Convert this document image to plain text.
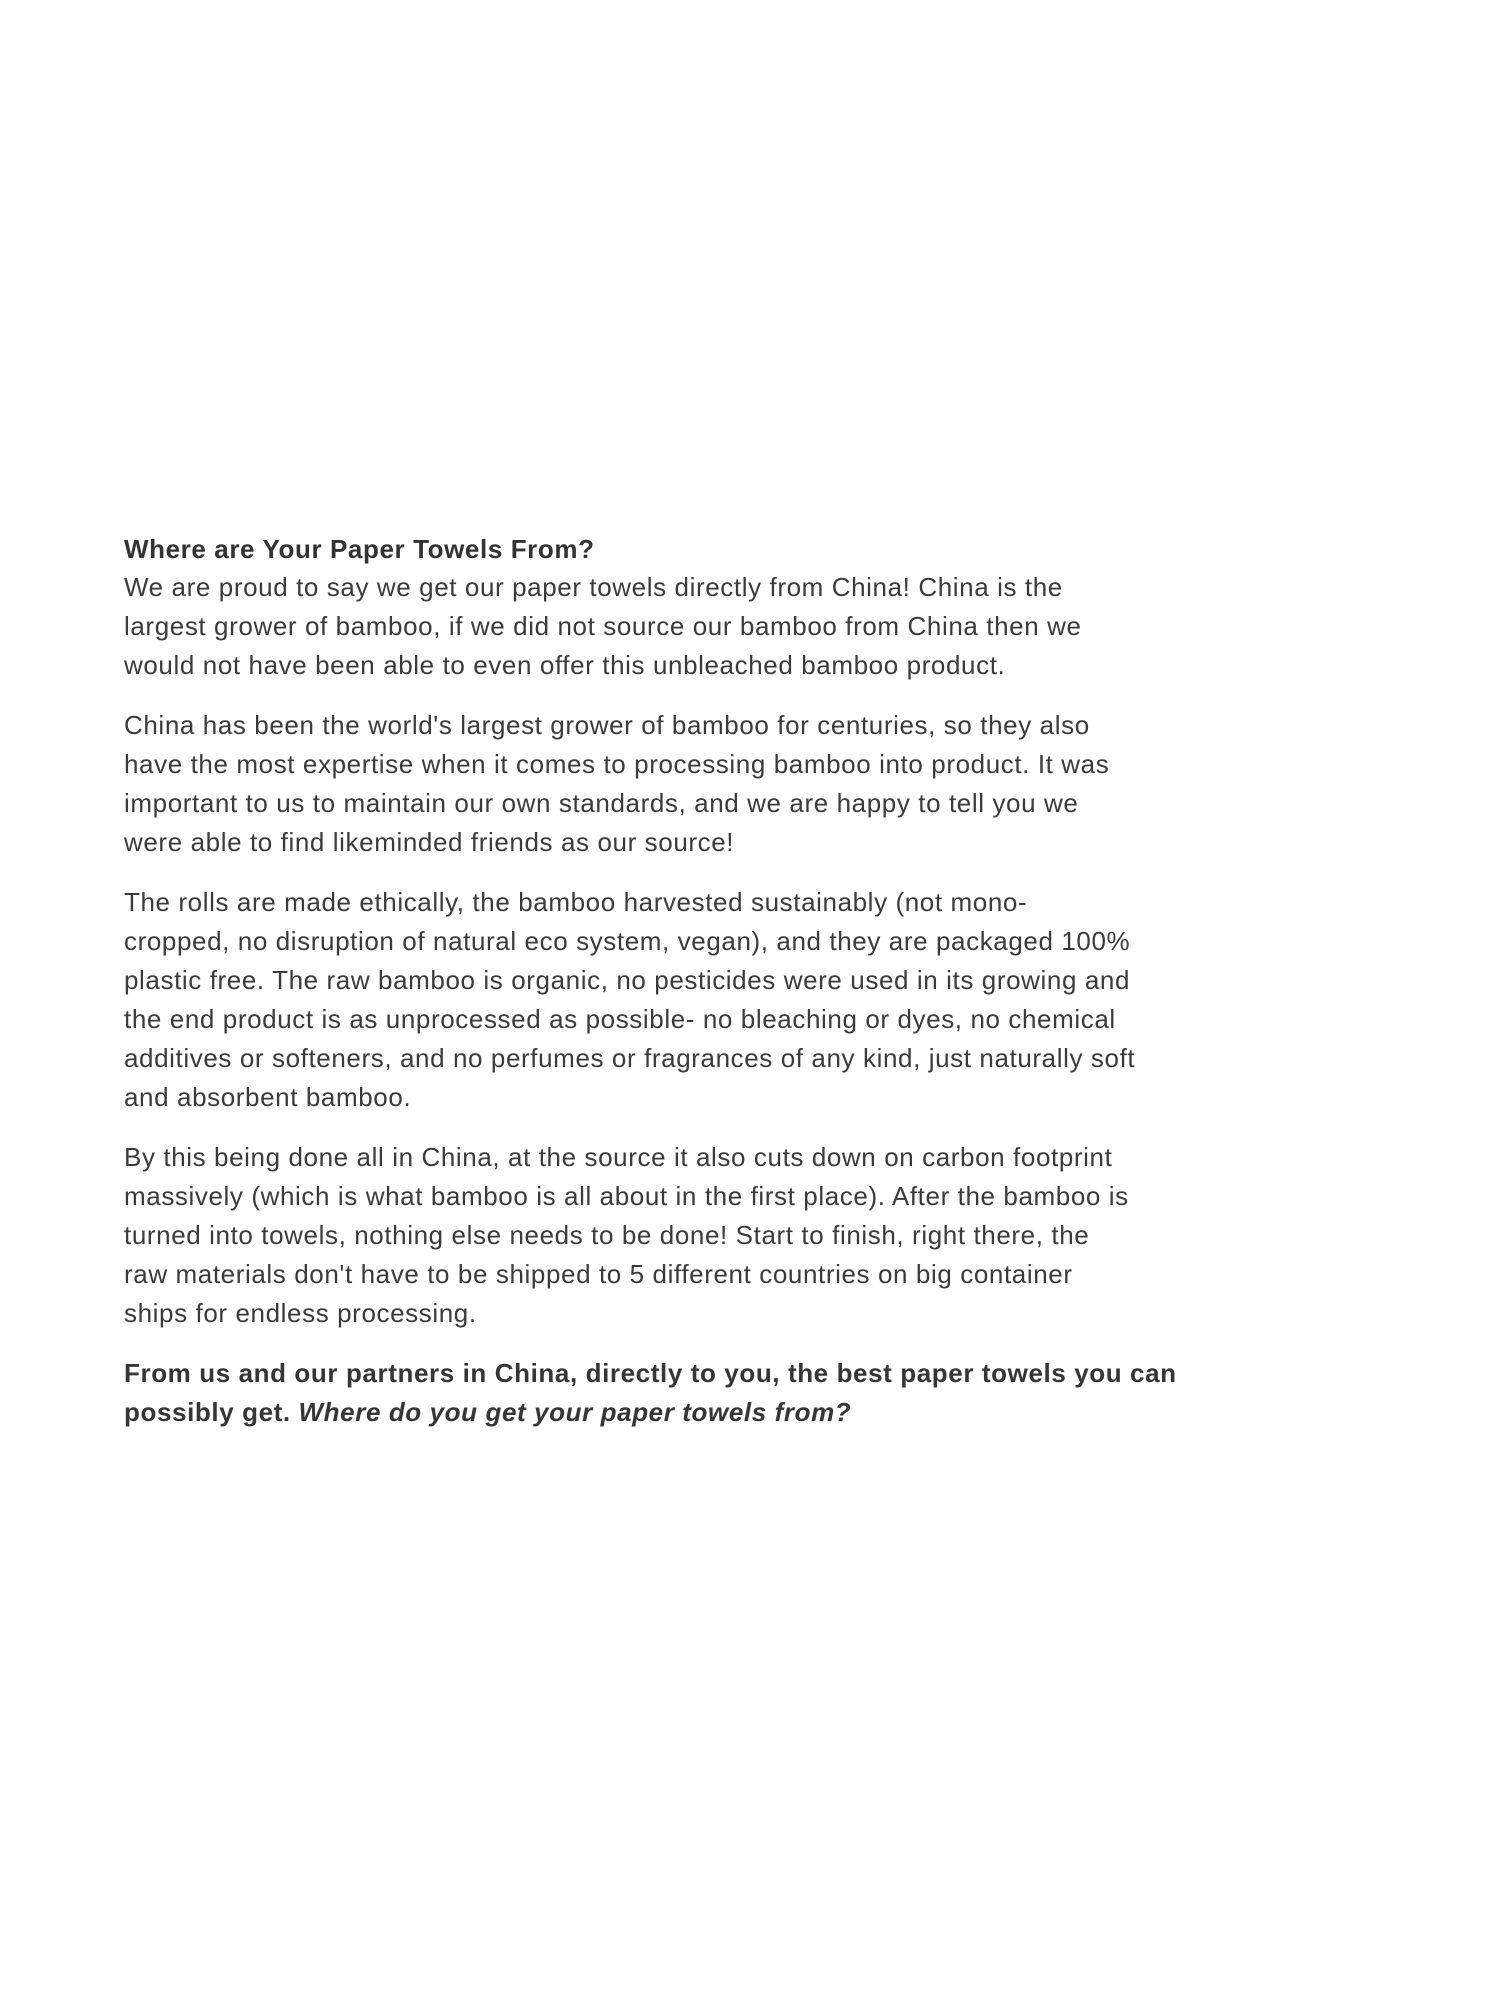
Where are Your Paper Towels From?

We are proud to say we get our paper towels directly from China! China is the
largest grower of bamboo, if we did not source our bamboo from China then we
would not have been able to even offer this unbleached bamboo product.

China has been the world's largest grower of bamboo for centuries, so they also
have the most expertise when it comes to processing bamboo into product. It was
important to us to maintain our own standards, and we are happy to tell you we
were able to find likeminded friends as our source!

The rolls are made ethically, the bamboo harvested sustainably (not mono-
cropped, no disruption of natural eco system, vegan), and they are packaged 100%
plastic free. The raw bamboo is organic, no pesticides were used in its growing and
the end product is as unprocessed as possible- no bleaching or dyes, no chemical
additives or softeners, and no perfumes or fragrances of any kind, just naturally soft
and absorbent bamboo.

By this being done all in China, at the source it also cuts down on carbon footprint
massively (which is what bamboo is all about in the first place). After the bamboo is
turned into towels, nothing else needs to be done! Start to finish, right there, the
raw materials don't have to be shipped to 5 different countries on big container
ships for endless processing.

From us and our partners in China, directly to you, the best paper towels you can
possibly get. Where do you get your paper towels from?
